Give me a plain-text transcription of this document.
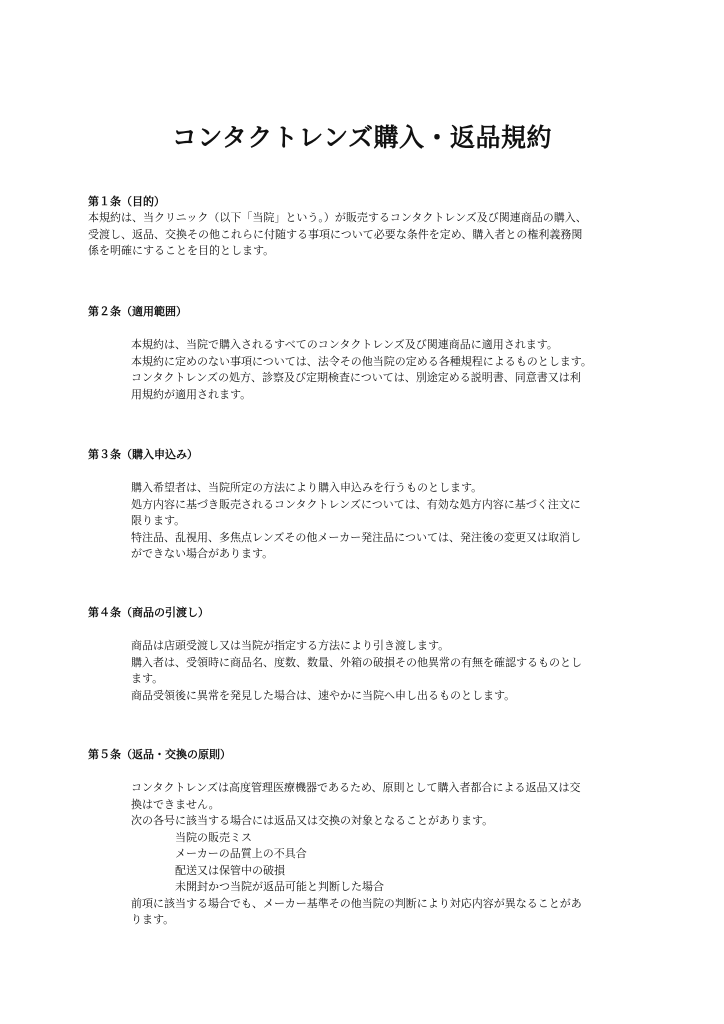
コンタクトレンズ購入・返品規約

第１条（目的）

本規約は、当クリニック（以下「当院」という。）が販売するコンタクトレンズ及び関連商品の購入、
受渡し、返品、交換その他これらに付随する事項について必要な条件を定め、購入者との権利義務関
係を明確にすることを目的とします。

第２条（適用範囲）

本規約は、当院で購入されるすべてのコンタクトレンズ及び関連商品に適用されます。

本規約に定めのない事項については、法令その他当院の定める各種規程によるものとします。

コンタクトレンズの処方、診察及び定期検査については、別途定める説明書、同意書又は利
用規約が適用されます。

第３条（購入申込み）

購入希望者は、当院所定の方法により購入申込みを行うものとします。

処方内容に基づき販売されるコンタクトレンズについては、有効な処方内容に基づく注文に
限ります。

特注品、乱視用、多焦点レンズその他メーカー発注品については、発注後の変更又は取消し
ができない場合があります。

第４条（商品の引渡し）

商品は店頭受渡し又は当院が指定する方法により引き渡します。

購入者は、受領時に商品名、度数、数量、外箱の破損その他異常の有無を確認するものとし
ます。

商品受領後に異常を発見した場合は、速やかに当院へ申し出るものとします。

第５条（返品・交換の原則）

コンタクトレンズは高度管理医療機器であるため、原則として購入者都合による返品又は交
換はできません。

次の各号に該当する場合には返品又は交換の対象となることがあります。

当院の販売ミス

メーカーの品質上の不具合

配送又は保管中の破損

未開封かつ当院が返品可能と判断した場合

前項に該当する場合でも、メーカー基準その他当院の判断により対応内容が異なることがあ
ります。
